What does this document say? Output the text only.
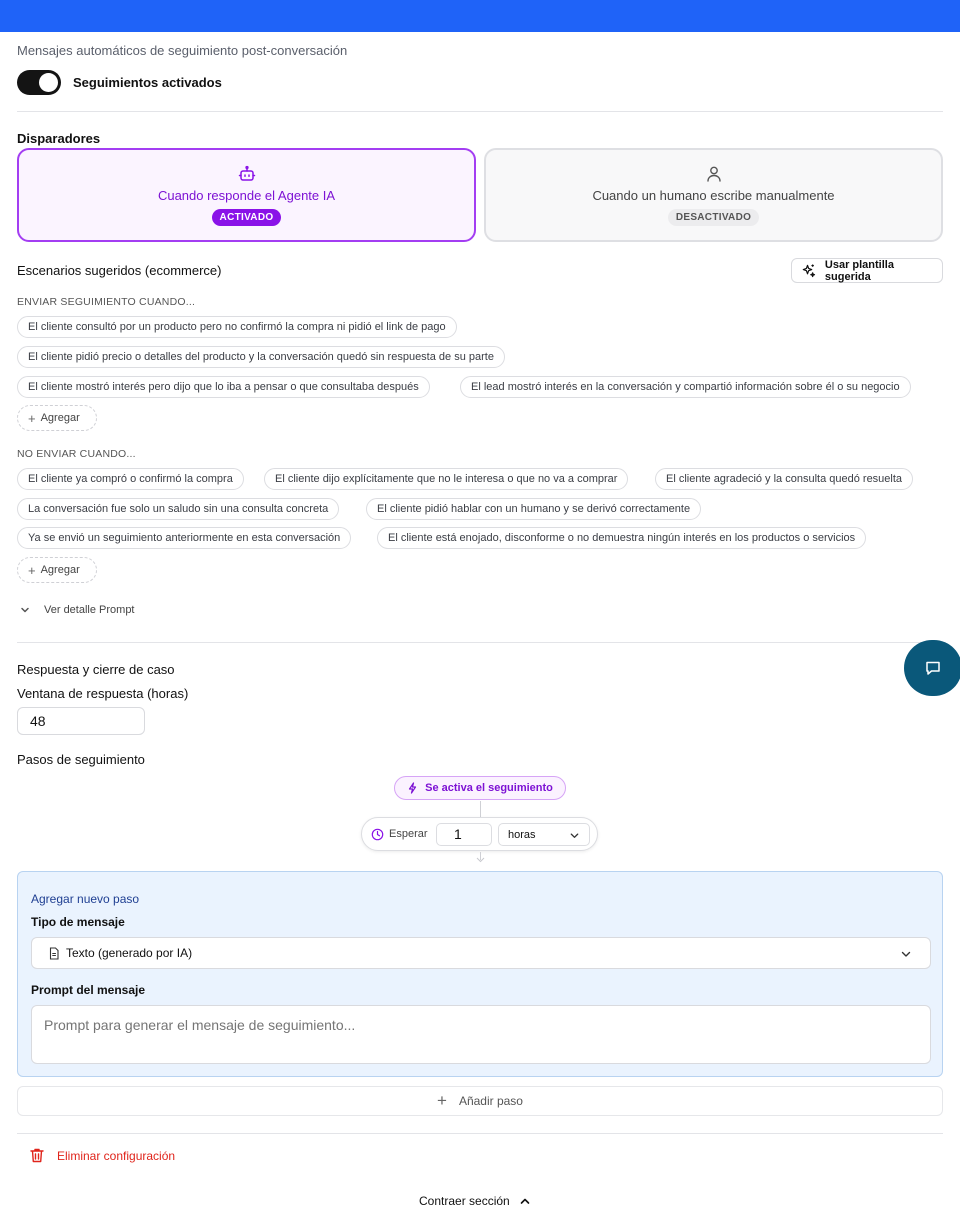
Mensajes automáticos de seguimiento post-conversación
Seguimientos activados
Disparadores
Cuando responde el Agente IA
ACTIVADO
Cuando un humano escribe manualmente
DESACTIVADO
Escenarios sugeridos (ecommerce)	Usar plantilla sugerida
ENVIAR SEGUIMIENTO CUANDO...
El cliente consultó por un producto pero no confirmó la compra ni pidió el link de pago
El cliente pidió precio o detalles del producto y la conversación quedó sin respuesta de su parte
El cliente mostró interés pero dijo que lo iba a pensar o que consultaba después	El lead mostró interés en la conversación y compartió información sobre él o su negocio
+ Agregar
NO ENVIAR CUANDO...
El cliente ya compró o confirmó la compra	El cliente dijo explícitamente que no le interesa o que no va a comprar	El cliente agradeció y la consulta quedó resuelta
La conversación fue solo un saludo sin una consulta concreta	El cliente pidió hablar con un humano y se derivó correctamente
Ya se envió un seguimiento anteriormente en esta conversación	El cliente está enojado, disconforme o no demuestra ningún interés en los productos o servicios
+ Agregar
Ver detalle Prompt
Respuesta y cierre de caso
Ventana de respuesta (horas)
48
Pasos de seguimiento
Se activa el seguimiento
Esperar	1	horas
Agregar nuevo paso
Tipo de mensaje
Texto (generado por IA)
Prompt del mensaje
Prompt para generar el mensaje de seguimiento...
+ Añadir paso
Eliminar configuración
Contraer sección
